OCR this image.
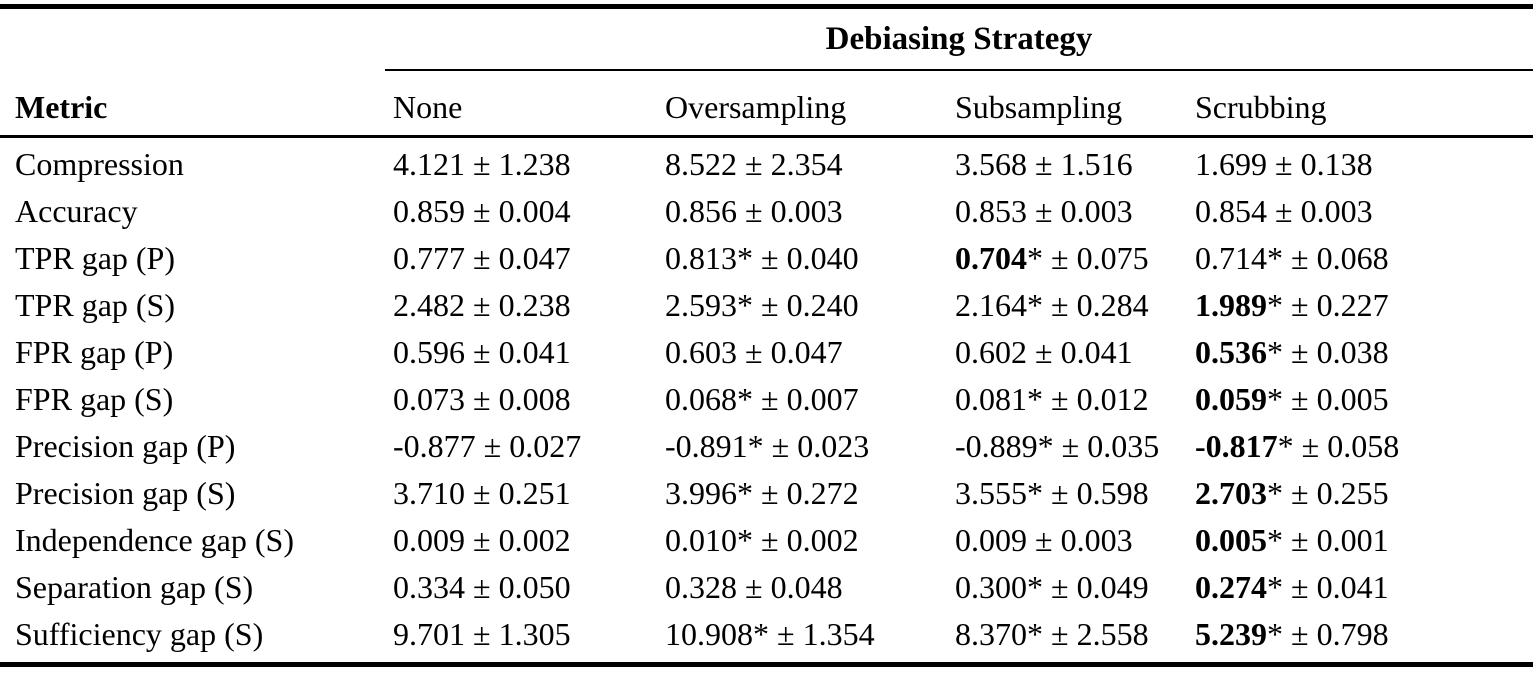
Debiasing Strategy
Metric	None	Oversampling	Subsampling	Scrubbing
Compression	4.121 ± 1.238	8.522 ± 2.354	3.568 ± 1.516	1.699 ± 0.138
Accuracy	0.859 ± 0.004	0.856 ± 0.003	0.853 ± 0.003	0.854 ± 0.003
TPR gap (P)	0.777 ± 0.047	0.813* ± 0.040	0.704* ± 0.075	0.714* ± 0.068
TPR gap (S)	2.482 ± 0.238	2.593* ± 0.240	2.164* ± 0.284	1.989* ± 0.227
FPR gap (P)	0.596 ± 0.041	0.603 ± 0.047	0.602 ± 0.041	0.536* ± 0.038
FPR gap (S)	0.073 ± 0.008	0.068* ± 0.007	0.081* ± 0.012	0.059* ± 0.005
Precision gap (P)	-0.877 ± 0.027	-0.891* ± 0.023	-0.889* ± 0.035	-0.817* ± 0.058
Precision gap (S)	3.710 ± 0.251	3.996* ± 0.272	3.555* ± 0.598	2.703* ± 0.255
Independence gap (S)	0.009 ± 0.002	0.010* ± 0.002	0.009 ± 0.003	0.005* ± 0.001
Separation gap (S)	0.334 ± 0.050	0.328 ± 0.048	0.300* ± 0.049	0.274* ± 0.041
Sufficiency gap (S)	9.701 ± 1.305	10.908* ± 1.354	8.370* ± 2.558	5.239* ± 0.798
